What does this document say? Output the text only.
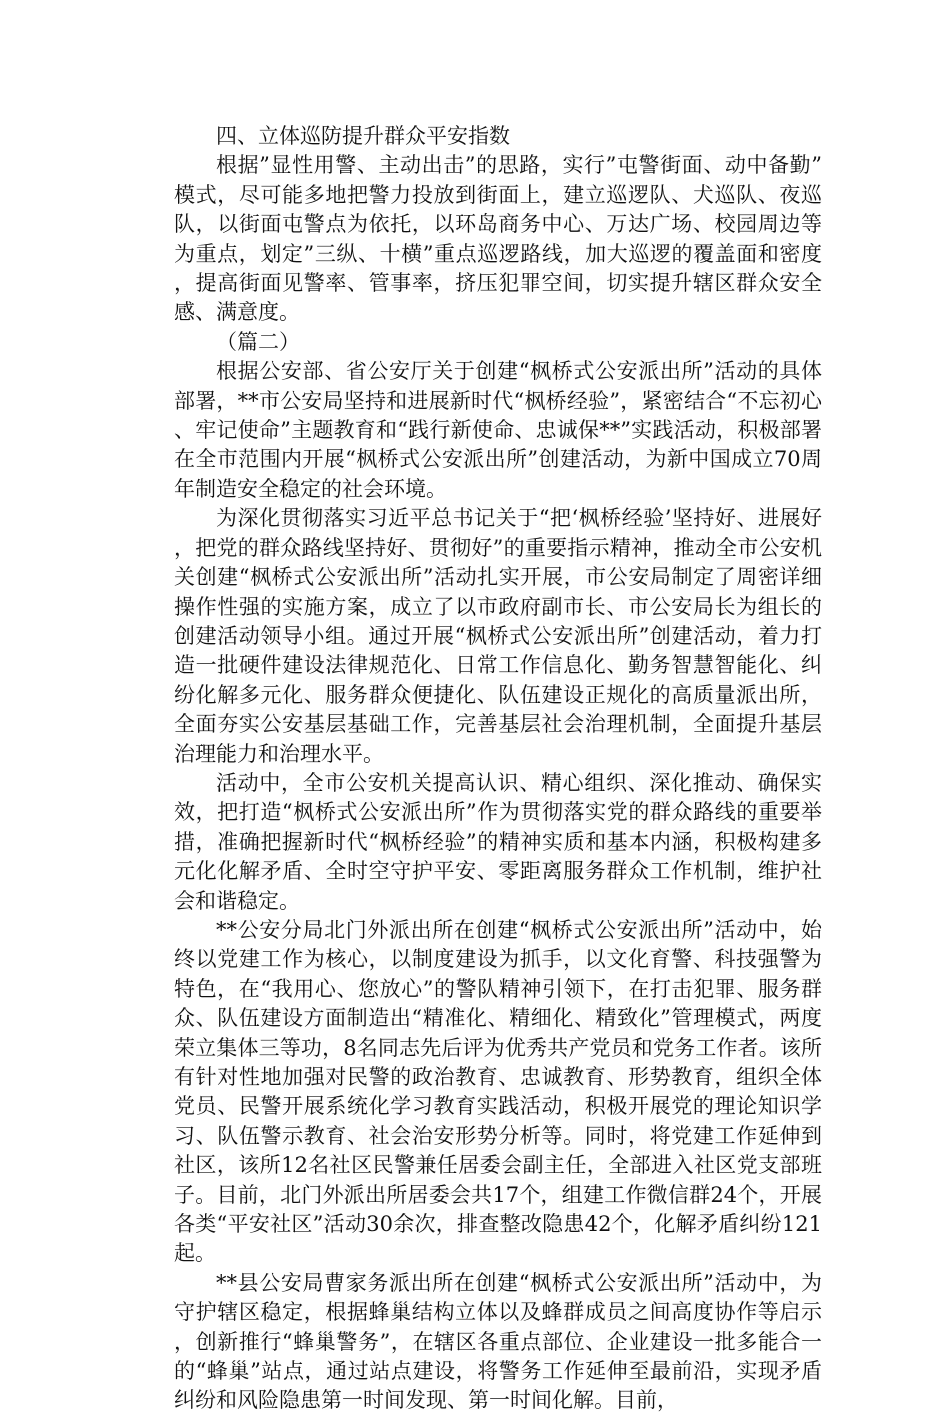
四、立体巡防提升群众平安指数

根据”显性用警、主动出击”的思路，实行”屯警街面、动中备勤”模式，尽可能多地把警力投放到街面上，建立巡逻队、犬巡队、夜巡队，以街面屯警点为依托，以环岛商务中心、万达广场、校园周边等为重点，划定”三纵、十横”重点巡逻路线，加大巡逻的覆盖面和密度，提高街面见警率、管事率，挤压犯罪空间，切实提升辖区群众安全感、满意度。

（篇二）

根据公安部、省公安厅关于创建“枫桥式公安派出所”活动的具体部署，**市公安局坚持和进展新时代“枫桥经验”，紧密结合“不忘初心、牢记使命”主题教育和“践行新使命、忠诚保**”实践活动，积极部署在全市范围内开展“枫桥式公安派出所”创建活动，为新中国成立70周年制造安全稳定的社会环境。

为深化贯彻落实习近平总书记关于“把‘枫桥经验’坚持好、进展好，把党的群众路线坚持好、贯彻好”的重要指示精神，推动全市公安机关创建“枫桥式公安派出所”活动扎实开展，市公安局制定了周密详细操作性强的实施方案，成立了以市政府副市长、市公安局长为组长的创建活动领导小组。通过开展“枫桥式公安派出所”创建活动，着力打造一批硬件建设法律规范化、日常工作信息化、勤务智慧智能化、纠纷化解多元化、服务群众便捷化、队伍建设正规化的高质量派出所，全面夯实公安基层基础工作，完善基层社会治理机制，全面提升基层治理能力和治理水平。

活动中，全市公安机关提高认识、精心组织、深化推动、确保实效，把打造“枫桥式公安派出所”作为贯彻落实党的群众路线的重要举措，准确把握新时代“枫桥经验”的精神实质和基本内涵，积极构建多元化化解矛盾、全时空守护平安、零距离服务群众工作机制，维护社会和谐稳定。

**公安分局北门外派出所在创建“枫桥式公安派出所”活动中，始终以党建工作为核心，以制度建设为抓手，以文化育警、科技强警为特色，在“我用心、您放心”的警队精神引领下，在打击犯罪、服务群众、队伍建设方面制造出“精准化、精细化、精致化”管理模式，两度荣立集体三等功，8名同志先后评为优秀共产党员和党务工作者。该所有针对性地加强对民警的政治教育、忠诚教育、形势教育，组织全体党员、民警开展系统化学习教育实践活动，积极开展党的理论知识学习、队伍警示教育、社会治安形势分析等。同时，将党建工作延伸到社区，该所12名社区民警兼任居委会副主任，全部进入社区党支部班子。目前，北门外派出所居委会共17个，组建工作微信群24个，开展各类“平安社区”活动30余次，排查整改隐患42个，化解矛盾纠纷121起。

**县公安局曹家务派出所在创建“枫桥式公安派出所”活动中，为守护辖区稳定，根据蜂巢结构立体以及蜂群成员之间高度协作等启示，创新推行“蜂巢警务”，在辖区各重点部位、企业建设一批多能合一的“蜂巢”站点，通过站点建设，将警务工作延伸至最前沿，实现矛盾纠纷和风险隐患第一时间发现、第一时间化解。目前，
